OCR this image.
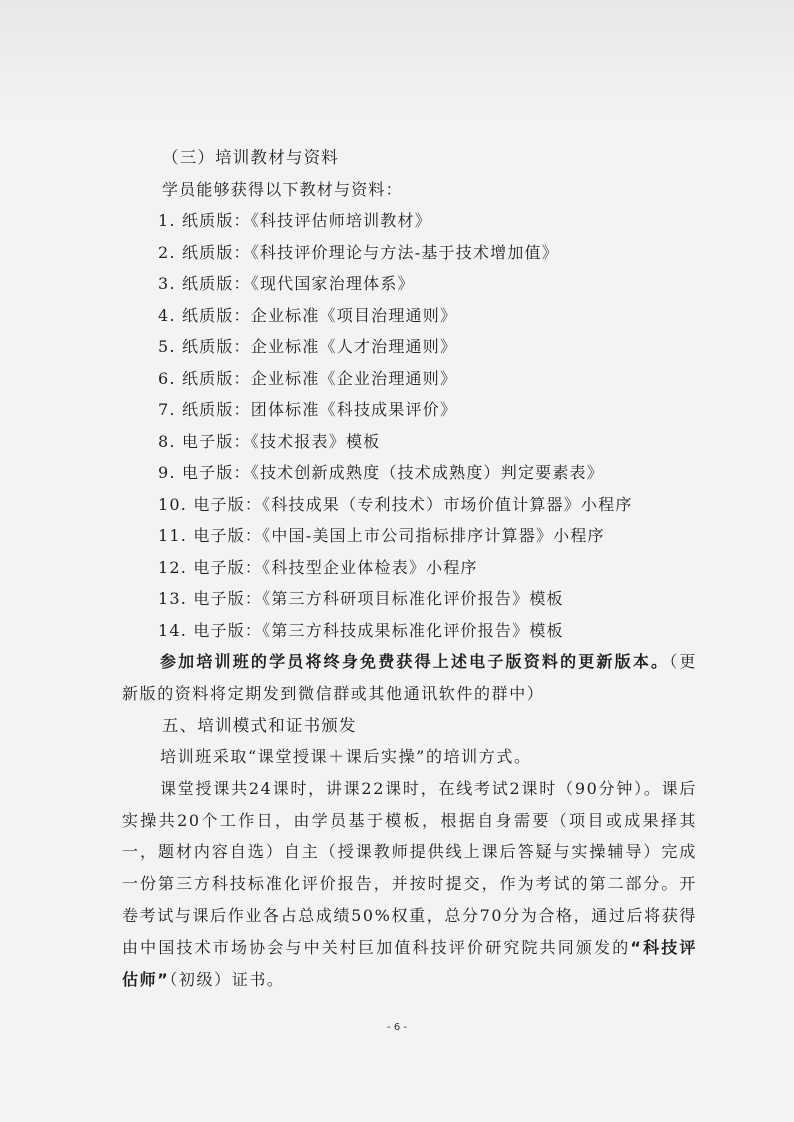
（三）培训教材与资料
学员能够获得以下教材与资料：
1. 纸质版：《科技评估师培训教材》
2. 纸质版：《科技评价理论与方法-基于技术增加值》
3. 纸质版：《现代国家治理体系》
4. 纸质版：企业标准《项目治理通则》
5. 纸质版：企业标准《人才治理通则》
6. 纸质版：企业标准《企业治理通则》
7. 纸质版：团体标准《科技成果评价》
8. 电子版：《技术报表》模板
9. 电子版：《技术创新成熟度（技术成熟度）判定要素表》
10. 电子版：《科技成果（专利技术）市场价值计算器》小程序
11. 电子版：《中国-美国上市公司指标排序计算器》小程序
12. 电子版：《科技型企业体检表》小程序
13. 电子版：《第三方科研项目标准化评价报告》模板
14. 电子版：《第三方科技成果标准化评价报告》模板
参加培训班的学员将终身免费获得上述电子版资料的更新版本。（更新版的资料将定期发到微信群或其他通讯软件的群中）
五、培训模式和证书颁发
培训班采取“课堂授课＋课后实操”的培训方式。
课堂授课共24课时，讲课22课时，在线考试2课时（90分钟）。课后实操共20个工作日，由学员基于模板，根据自身需要（项目或成果择其一，题材内容自选）自主（授课教师提供线上课后答疑与实操辅导）完成一份第三方科技标准化评价报告，并按时提交，作为考试的第二部分。开卷考试与课后作业各占总成绩50%权重，总分70分为合格，通过后将获得由中国技术市场协会与中关村巨加值科技评价研究院共同颁发的“科技评估师”（初级）证书。
- 6 -
